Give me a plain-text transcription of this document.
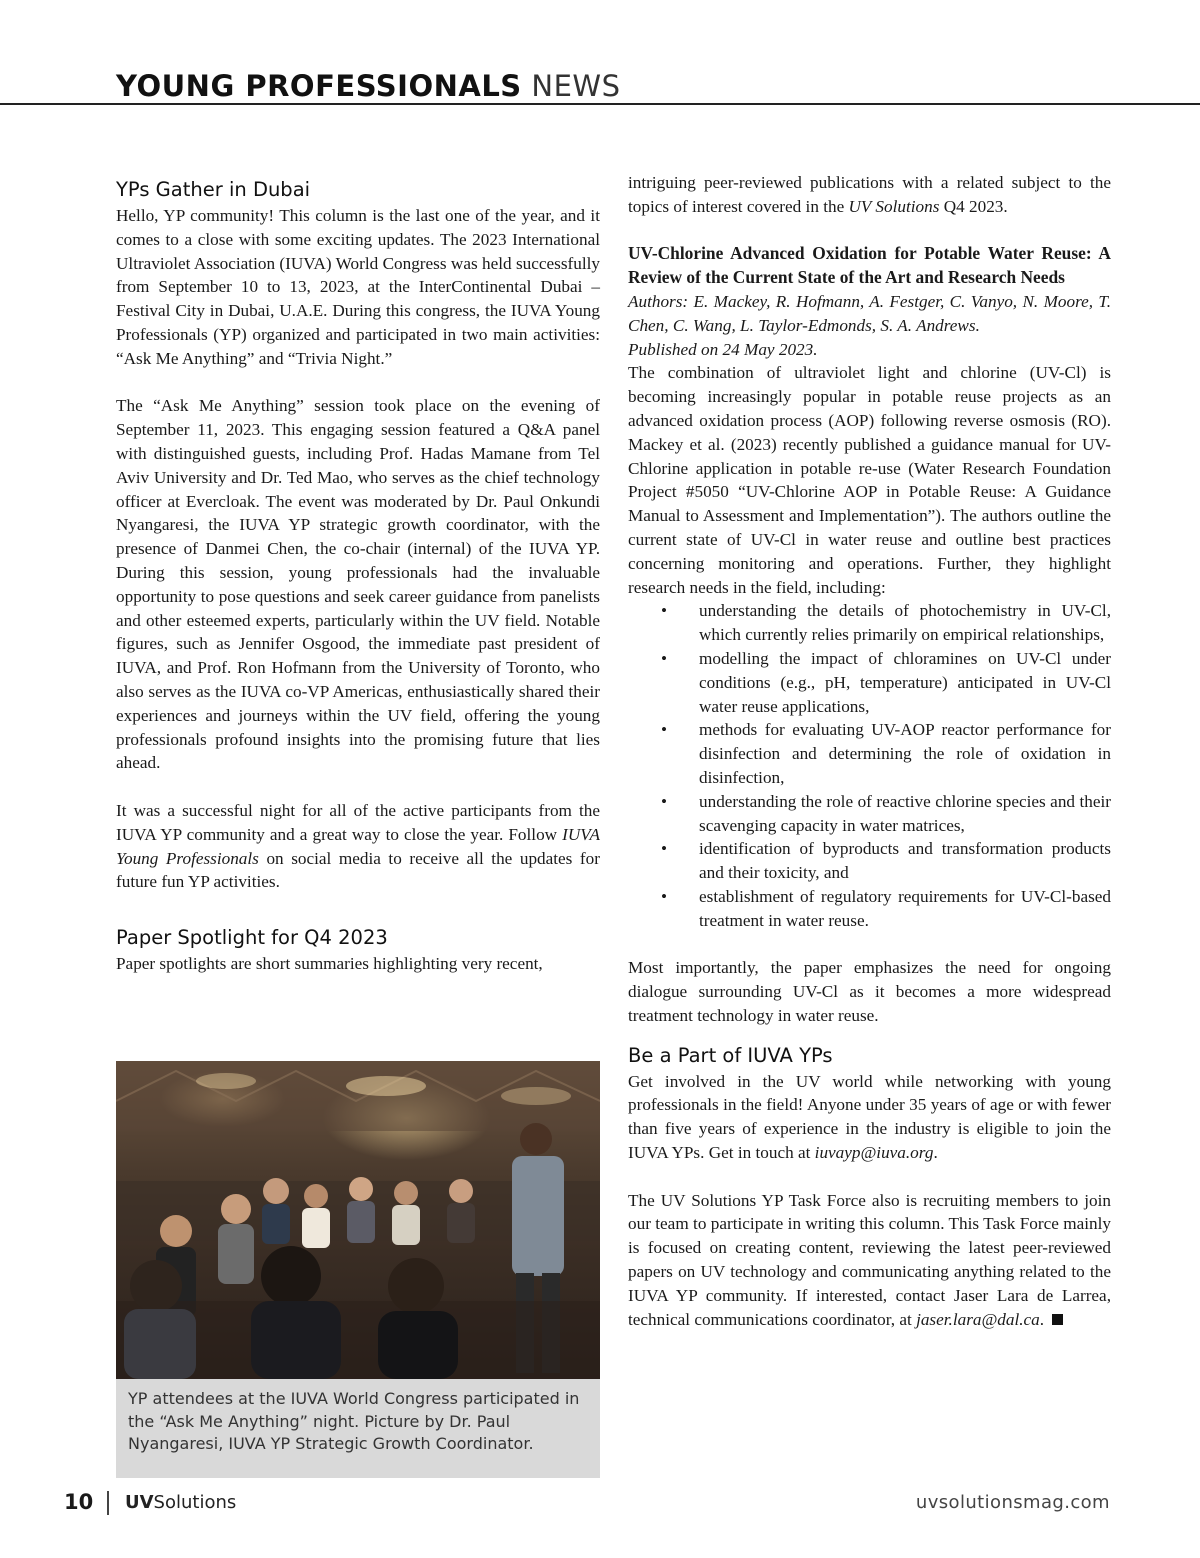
YOUNG PROFESSIONALS NEWS
YPs Gather in Dubai

Hello, YP community! This column is the last one of the year, and it comes to a close with some exciting updates. The 2023 International Ultraviolet Association (IUVA) World Congress was held successfully from September 10 to 13, 2023, at the InterContinental Dubai – Festival City in Dubai, U.A.E. During this congress, the IUVA Young Professionals (YP) organized and participated in two main activities: “Ask Me Anything” and “Trivia Night.”

The “Ask Me Anything” session took place on the evening of September 11, 2023. This engaging session featured a Q&A panel with distinguished guests, including Prof. Hadas Mamane from Tel Aviv University and Dr. Ted Mao, who serves as the chief technology officer at Evercloak. The event was moderated by Dr. Paul Onkundi Nyangaresi, the IUVA YP strategic growth coordinator, with the presence of Danmei Chen, the co-chair (internal) of the IUVA YP. During this session, young professionals had the invaluable opportunity to pose questions and seek career guidance from panelists and other esteemed experts, particularly within the UV field. Notable figures, such as Jennifer Osgood, the immediate past president of IUVA, and Prof. Ron Hofmann from the University of Toronto, who also serves as the IUVA co-VP Americas, enthusiastically shared their experiences and journeys within the UV field, offering the young professionals profound insights into the promising future that lies ahead.

It was a successful night for all of the active participants from the IUVA YP community and a great way to close the year. Follow IUVA Young Professionals on social media to receive all the updates for future fun YP activities.

Paper Spotlight for Q4 2023

Paper spotlights are short summaries highlighting very recent,

YP attendees at the IUVA World Congress participated in the “Ask Me Anything” night. Picture by Dr. Paul Nyangaresi, IUVA YP Strategic Growth Coordinator.

intriguing peer-reviewed publications with a related subject to the topics of interest covered in the UV Solutions Q4 2023.

UV-Chlorine Advanced Oxidation for Potable Water Reuse: A Review of the Current State of the Art and Research Needs

Authors: E. Mackey, R. Hofmann, A. Festger, C. Vanyo, N. Moore, T. Chen, C. Wang, L. Taylor-Edmonds, S. A. Andrews.

Published on 24 May 2023.

The combination of ultraviolet light and chlorine (UV-Cl) is becoming increasingly popular in potable reuse projects as an advanced oxidation process (AOP) following reverse osmosis (RO). Mackey et al. (2023) recently published a guidance manual for UV-Chlorine application in potable re-use (Water Research Foundation Project #5050 “UV-Chlorine AOP in Potable Reuse: A Guidance Manual to Assessment and Implementation”). The authors outline the current state of UV-Cl in water reuse and outline best practices concerning monitoring and operations. Further, they highlight research needs in the field, including:

• understanding the details of photochemistry in UV-Cl, which currently relies primarily on empirical relationships,
• modelling the impact of chloramines on UV-Cl under conditions (e.g., pH, temperature) anticipated in UV-Cl water reuse applications,
• methods for evaluating UV-AOP reactor performance for disinfection and determining the role of oxidation in disinfection,
• understanding the role of reactive chlorine species and their scavenging capacity in water matrices,
• identification of byproducts and transformation products and their toxicity, and
• establishment of regulatory requirements for UV-Cl-based treatment in water reuse.

Most importantly, the paper emphasizes the need for ongoing dialogue surrounding UV-Cl as it becomes a more widespread treatment technology in water reuse.

Be a Part of IUVA YPs

Get involved in the UV world while networking with young professionals in the field! Anyone under 35 years of age or with fewer than five years of experience in the industry is eligible to join the IUVA YPs. Get in touch at iuvayp@iuva.org.

The UV Solutions YP Task Force also is recruiting members to join our team to participate in writing this column. This Task Force mainly is focused on creating content, reviewing the latest peer-reviewed papers on UV technology and communicating anything related to the IUVA YP community. If interested, contact Jaser Lara de Larrea, technical communications coordinator, at jaser.lara@dal.ca.

10 UVSolutions	uvsolutionsmag.com
